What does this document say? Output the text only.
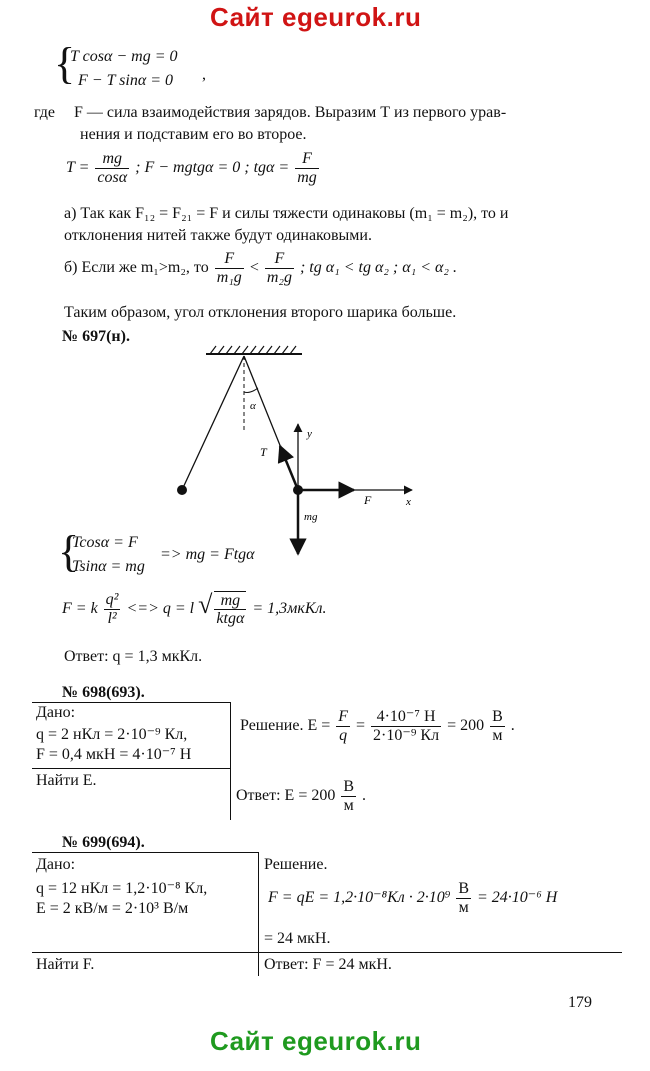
Сайт egeurok.ru
{
T cosα − mg = 0
F − T sinα = 0 ,
где F — сила взаимодействия зарядов. Выразим Т из первого урав-
нения и подставим его во второе.
$T = \frac{mg}{\cos\alpha}$ ; F − mgtgα = 0 ; $tg\alpha = \frac{F}{mg}$
а) Так как F₁₂ = F₂₁ = F и силы тяжести одинаковы (m₁ = m₂), то и
отклонения нитей также будут одинаковыми.
б) Если же m₁>m₂, то $\frac{F}{\text{m₁g}} < \frac{F}{\text{m₂g}}$ ; tg α₁ < tg α₂ ; α₁ < α₂ .
Таким образом, угол отклонения второго шарика больше.
№ 697(н).
α
T
y
F	x
mg
{
Tcosα = F
Tsinα = mg
=> mg = Ftgα
F = k $\frac{\text{q²}}{\text{l²}}$ <=> q = l √ $\frac{mg}{\text{ktgα}}$ = 1,3мкКл.
Ответ: q = 1,3 мкКл.
№ 698(693).
Дано:
q = 2 нКл = 2·10⁻⁹ Кл,
F = 0,4 мкН = 4·10⁻⁷ Н
Найти E.
Решение. $E = \frac{F}{q} = \frac{\text{4·10⁻⁷ Н}}{\text{2·10⁻⁹ Кл}} = 200 \frac{В}{м}$ .
Ответ: $E = 200 \frac{В}{м}$ .
№ 699(694).
Дано:
q = 12 нКл = 1,2·10⁻⁸ Кл,
E = 2 кВ/м = 2·10³ В/м
Найти F.
Решение.
F = qE = $1,2\cdot 10^{-8}Кл \cdot 2\cdot 10^9 \frac{В}{м} = 24\cdot 10^{-6}$ Н
= 24 мкН.
Ответ: F = 24 мкН.
179
Сайт egeurok.ru
